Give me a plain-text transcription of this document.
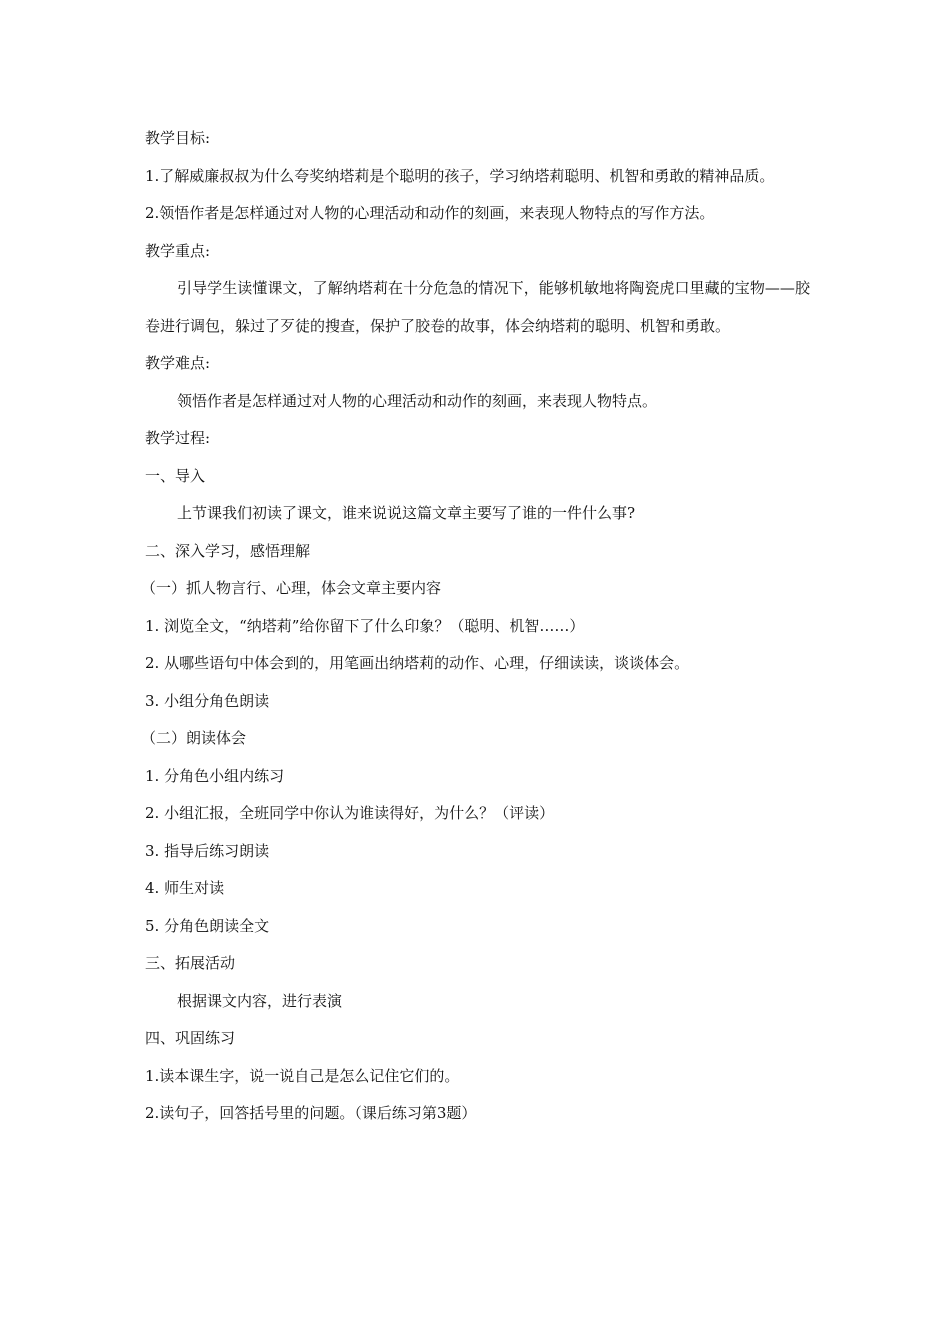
教学目标:
1.了解威廉叔叔为什么夸奖纳塔莉是个聪明的孩子，学习纳塔莉聪明、机智和勇敢的精神品质。
2.领悟作者是怎样通过对人物的心理活动和动作的刻画，来表现人物特点的写作方法。
教学重点:
引导学生读懂课文，了解纳塔莉在十分危急的情况下，能够机敏地将陶瓷虎口里藏的宝物——胶卷进行调包，躲过了歹徒的搜查，保护了胶卷的故事，体会纳塔莉的聪明、机智和勇敢。
教学难点:
领悟作者是怎样通过对人物的心理活动和动作的刻画，来表现人物特点。
教学过程:
一、导入
上节课我们初读了课文，谁来说说这篇文章主要写了谁的一件什么事?
二、深入学习，感悟理解
（一）抓人物言行、心理，体会文章主要内容
1. 浏览全文，“纳塔莉”给你留下了什么印象？（聪明、机智……）
2. 从哪些语句中体会到的，用笔画出纳塔莉的动作、心理，仔细读读，谈谈体会。
3. 小组分角色朗读
（二）朗读体会
1. 分角色小组内练习
2. 小组汇报，全班同学中你认为谁读得好，为什么？（评读）
3. 指导后练习朗读
4. 师生对读
5. 分角色朗读全文
三、拓展活动
根据课文内容，进行表演
四、巩固练习
1.读本课生字，说一说自己是怎么记住它们的。
2.读句子，回答括号里的问题。（课后练习第3题）
